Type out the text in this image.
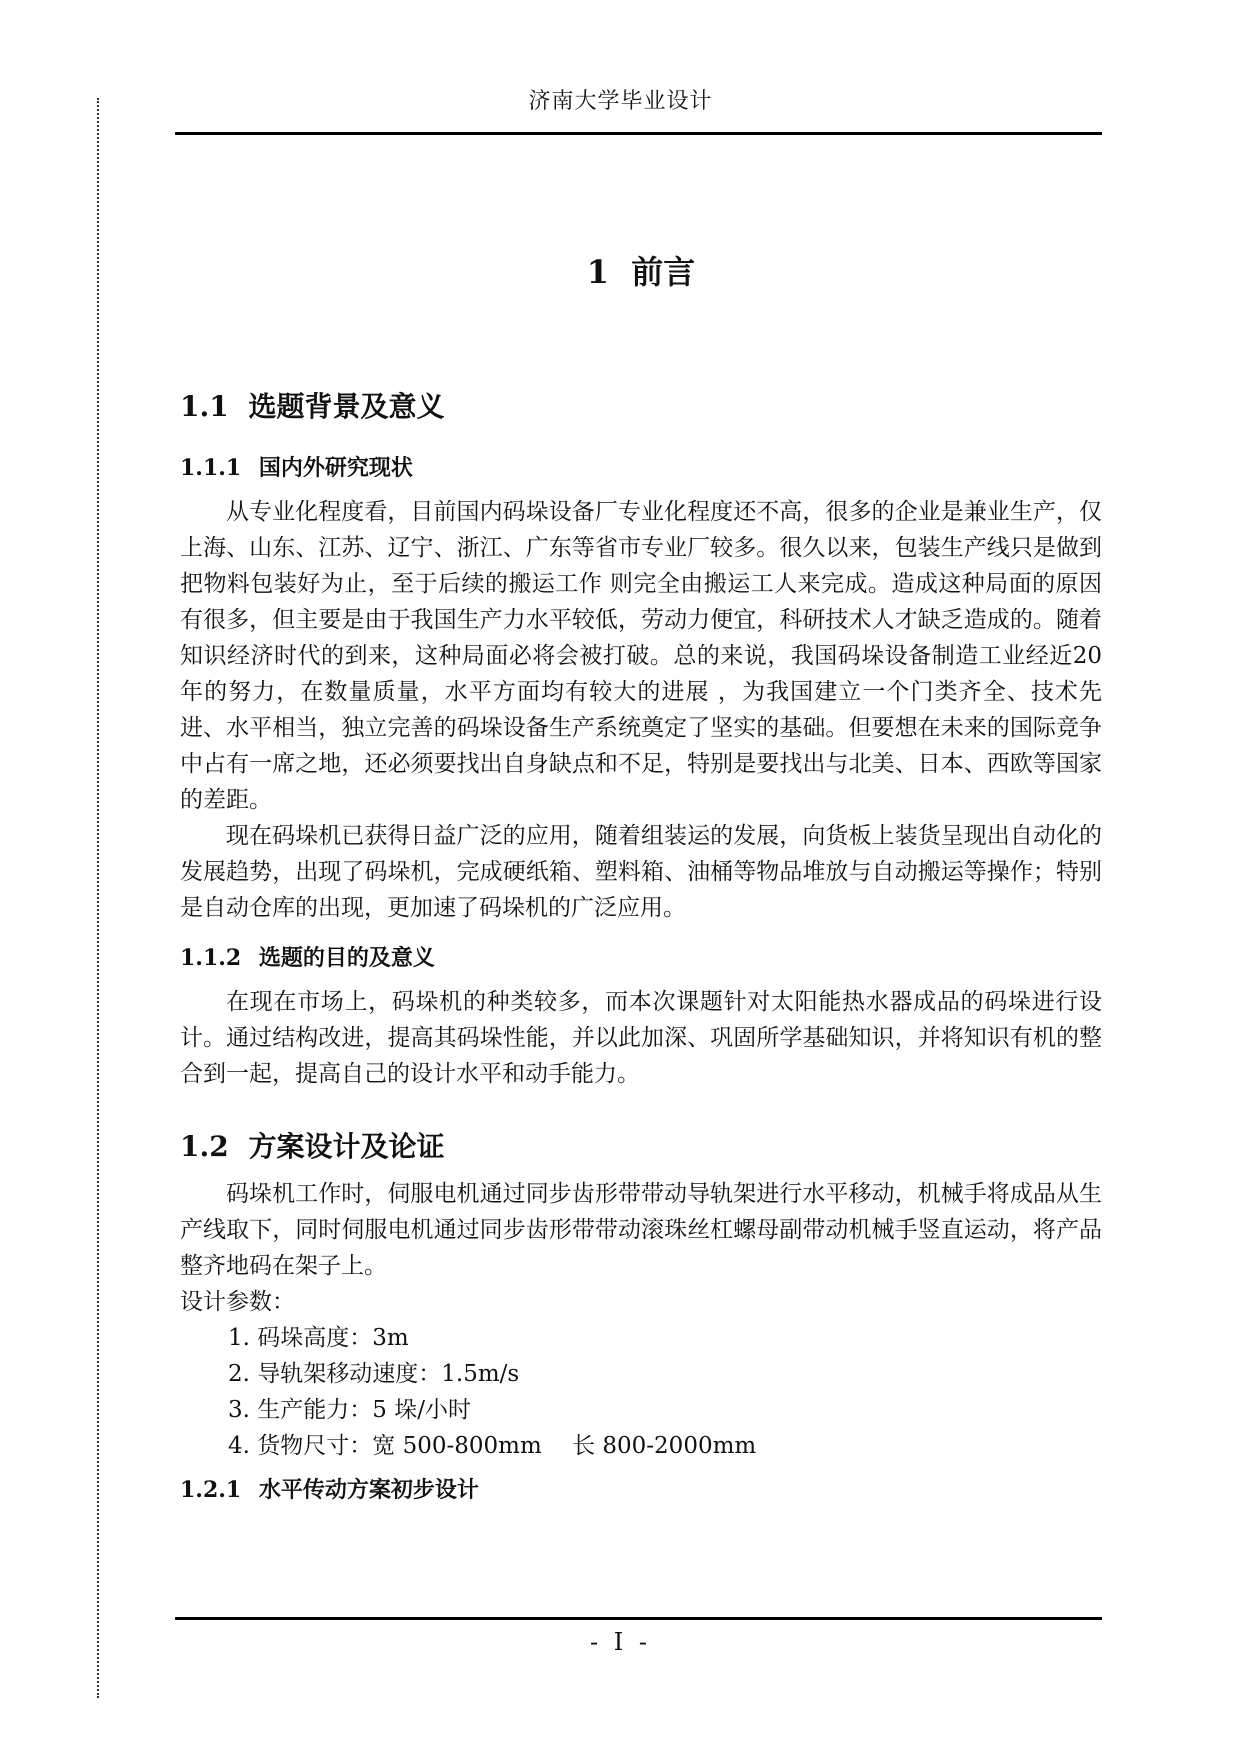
济南大学毕业设计
1 前言
1.1 选题背景及意义
1.1.1 国内外研究现状

从专业化程度看，目前国内码垛设备厂专业化程度还不高，很多的企业是兼业生产，仅上海、山东、江苏、辽宁、浙江、广东等省市专业厂较多。很久以来，包装生产线只是做到把物料包装好为止，至于后续的搬运工作 则完全由搬运工人来完成。造成这种局面的原因有很多，但主要是由于我国生产力水平较低，劳动力便宜，科研技术人才缺乏造成的。随着知识经济时代的到来，这种局面必将会被打破。总的来说，我国码垛设备制造工业经近20年的努力，在数量质量，水平方面均有较大的进展 ，为我国建立一个门类齐全、技术先进、水平相当，独立完善的码垛设备生产系统奠定了坚实的基础。但要想在未来的国际竞争中占有一席之地，还必须要找出自身缺点和不足，特别是要找出与北美、日本、西欧等国家的差距。

现在码垛机已获得日益广泛的应用，随着组装运的发展，向货板上装货呈现出自动化的发展趋势，出现了码垛机，完成硬纸箱、塑料箱、油桶等物品堆放与自动搬运等操作；特别是自动仓库的出现，更加速了码垛机的广泛应用。

1.1.2 选题的目的及意义

在现在市场上，码垛机的种类较多，而本次课题针对太阳能热水器成品的码垛进行设计。通过结构改进，提高其码垛性能，并以此加深、巩固所学基础知识，并将知识有机的整合到一起，提高自己的设计水平和动手能力。

1.2 方案设计及论证

码垛机工作时，伺服电机通过同步齿形带带动导轨架进行水平移动，机械手将成品从生产线取下，同时伺服电机通过同步齿形带带动滚珠丝杠螺母副带动机械手竖直运动，将产品整齐地码在架子上。

设计参数：

1. 码垛高度：3m
2. 导轨架移动速度：1.5m/s
3. 生产能力：5 垛/小时
4. 货物尺寸：宽 500-800mm　 长 800-2000mm
1.2.1 水平传动方案初步设计
- I -
